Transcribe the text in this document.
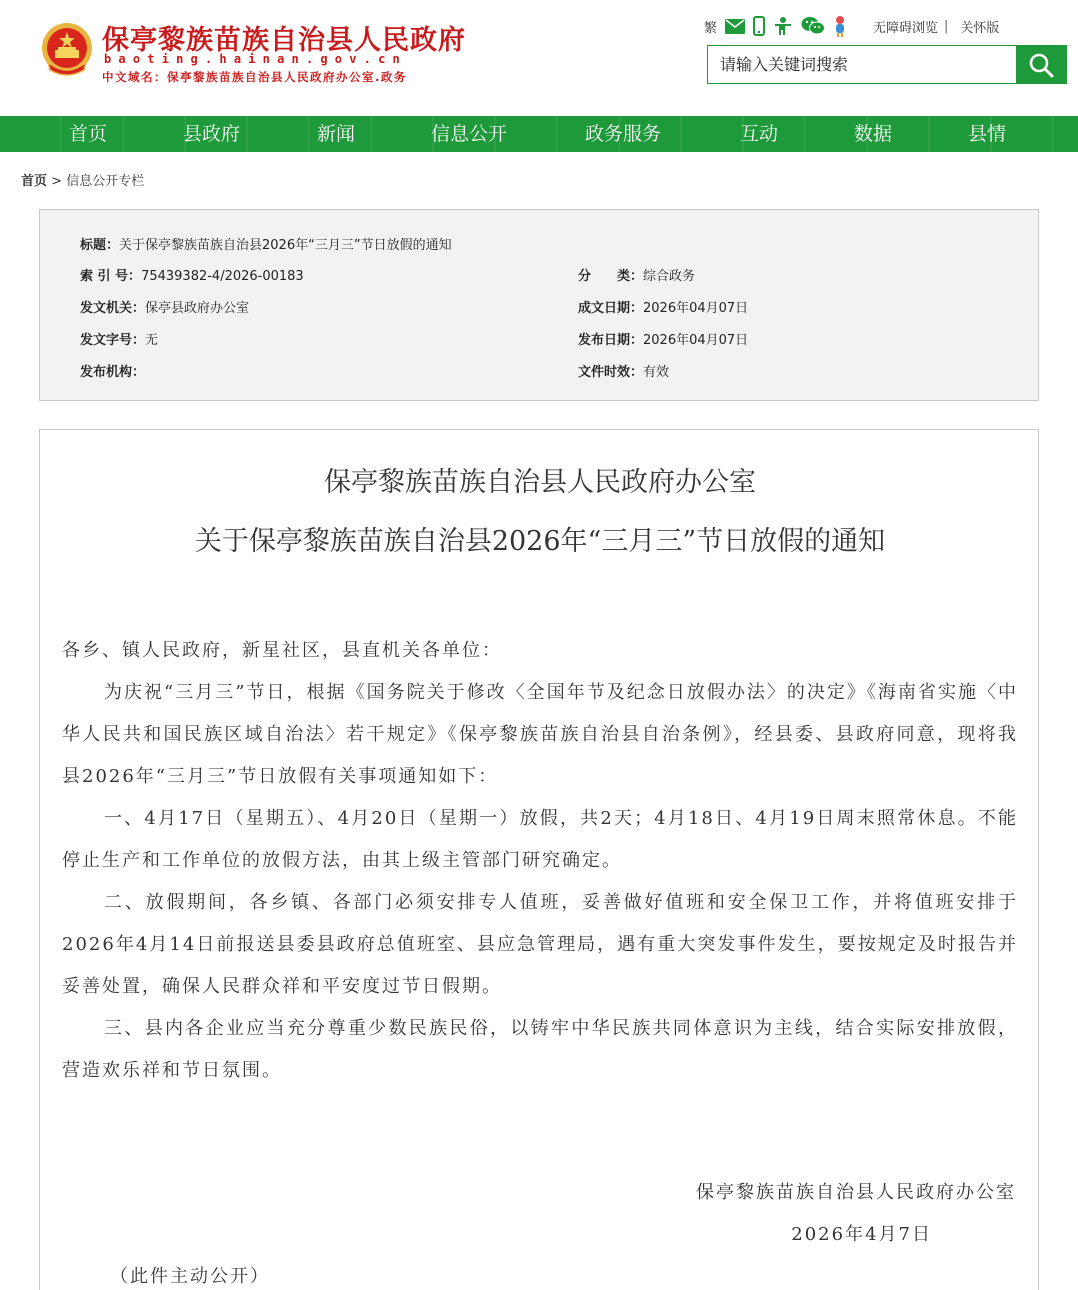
保亭黎族苗族自治县人民政府
baoting.hainan.gov.cn
中文域名：保亭黎族苗族自治县人民政府办公室.政务
繁	无障碍浏览 | 关怀版
请输入关键词搜索
首页	县政府	新闻	信息公开	政务服务	互动	数据	县情
首页 > 信息公开专栏
标题：关于保亭黎族苗族自治县2026年“三月三”节日放假的通知
索 引 号：75439382-4/2026-00183	分　　类：综合政务
发文机关：保亭县政府办公室	成文日期：2026年04月07日
发文字号：无	发布日期：2026年04月07日
发布机构：	文件时效：有效
保亭黎族苗族自治县人民政府办公室
关于保亭黎族苗族自治县2026年“三月三”节日放假的通知

各乡、镇人民政府，新星社区，县直机关各单位：

为庆祝“三月三”节日，根据《国务院关于修改〈全国年节及纪念日放假办法〉的决定》《海南省实施〈中华人民共和国民族区域自治法〉若干规定》《保亭黎族苗族自治县自治条例》，经县委、县政府同意，现将我县2026年“三月三”节日放假有关事项通知如下：

一、4月17日（星期五）、4月20日（星期一）放假，共2天；4月18日、4月19日周末照常休息。不能停止生产和工作单位的放假方法，由其上级主管部门研究确定。

二、放假期间，各乡镇、各部门必须安排专人值班，妥善做好值班和安全保卫工作，并将值班安排于2026年4月14日前报送县委县政府总值班室、县应急管理局，遇有重大突发事件发生，要按规定及时报告并妥善处置，确保人民群众祥和平安度过节日假期。

三、县内各企业应当充分尊重少数民族民俗，以铸牢中华民族共同体意识为主线，结合实际安排放假，营造欢乐祥和节日氛围。

保亭黎族苗族自治县人民政府办公室
2026年4月7日
（此件主动公开）
